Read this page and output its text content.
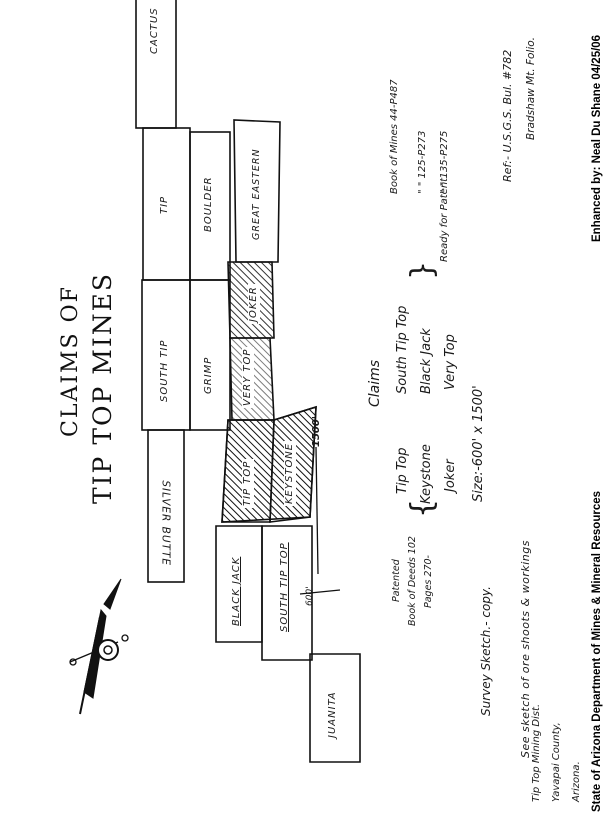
SILVER BUTTE
SOUTH TIP
TIP
CACTUS
GRIMP
BOULDER
VERY TOP
JOKER
TIP TOP	KEYSTONE
GREAT EASTERN
BLACK JACK	SOUTH TIP TOP
JUANITA
1500'
600'
CLAIMS OF TIP TOP MINES	Claims
Tip Top Keystone Joker
South Tip Top Black Jack Very Top
Size:-600' x 1500'
{
}
Patented Book of Deeds 102 Pages 270-
Ready for Patent
Book of Mines 44-P487 " " 125-P273 " " 135-P275	Ref:- U.S.G.S. Bul. #782 Bradshaw Mt. Folio.
Tip Top Mining Dist. Yavapai County, Arizona.
Survey Sketch.- copy. See sketch of ore shoots & workings	State of Arizona Department of Mines & Mineral Resources
Enhanced by: Neal Du Shane 04/25/06
